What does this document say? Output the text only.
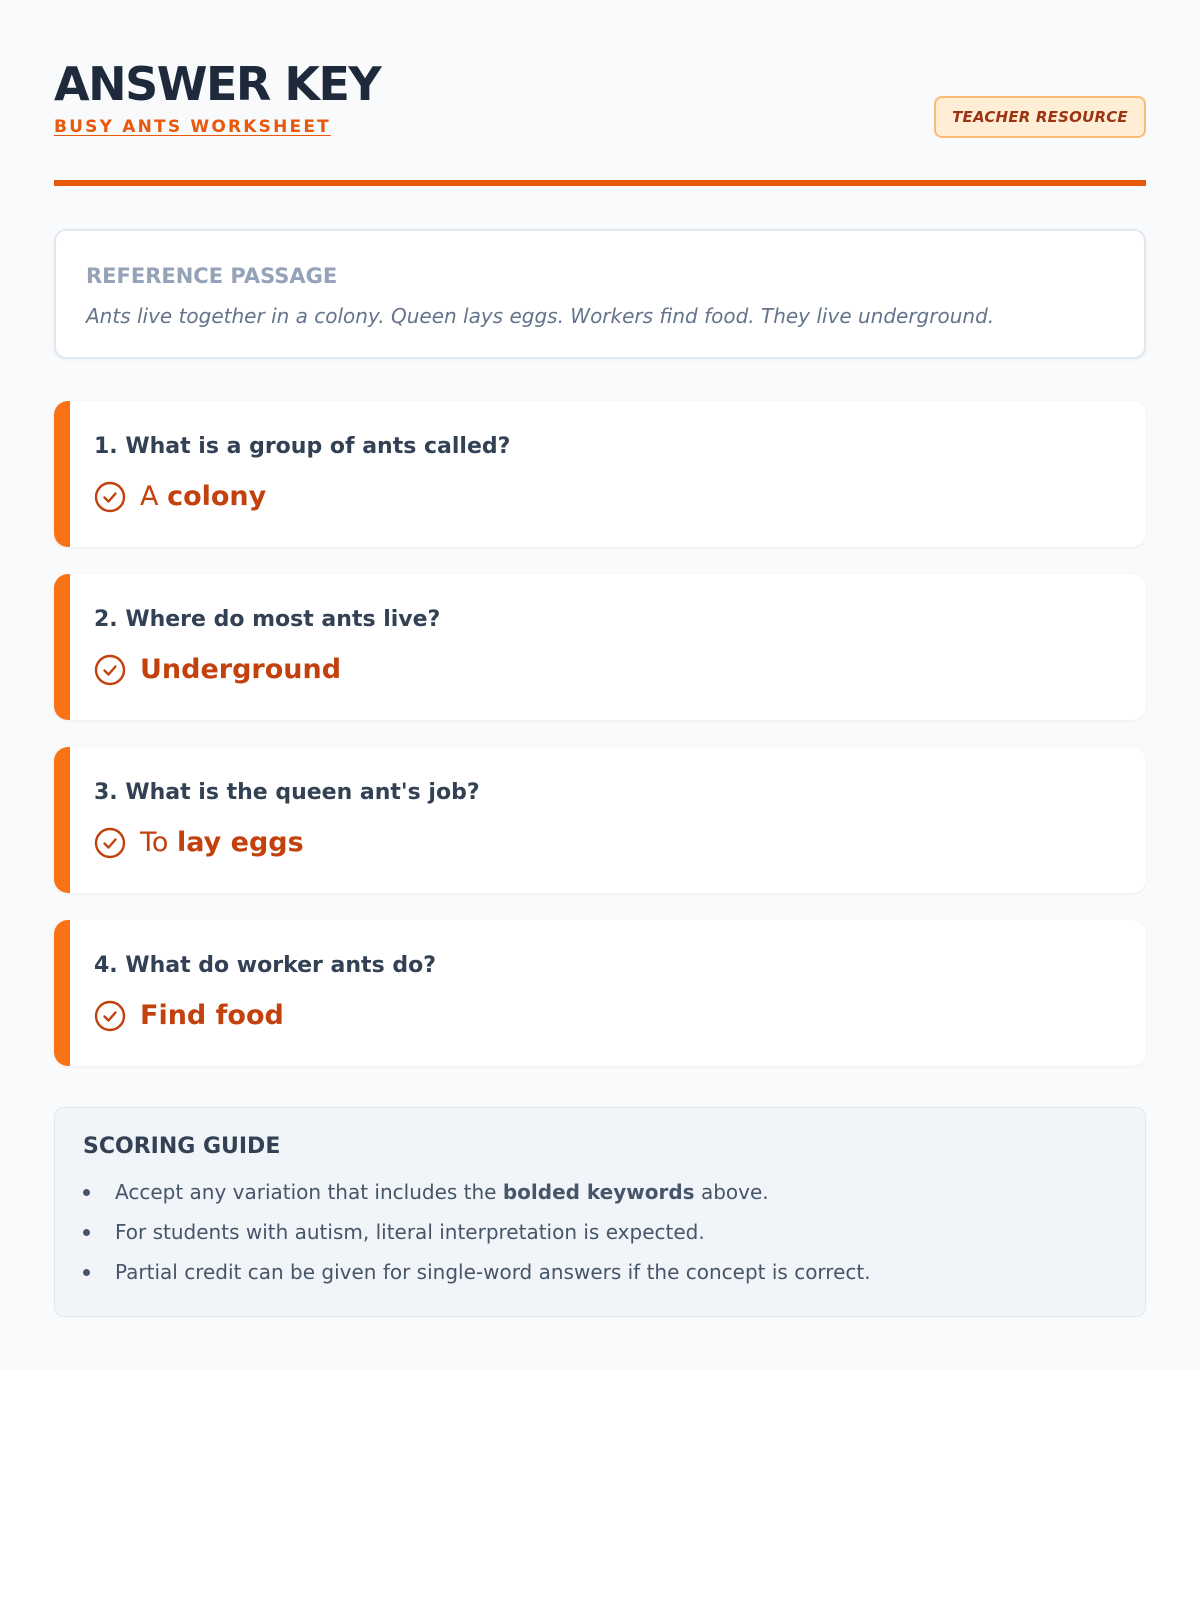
ANSWER KEY
BUSY ANTS WORKSHEET	TEACHER RESOURCE
REFERENCE PASSAGE

Ants live together in a colony. Queen lays eggs. Workers find food. They live underground.

1. What is a group of ants called?
A colony
2. Where do most ants live?
Underground
3. What is the queen ant's job?
To lay eggs
4. What do worker ants do?
Find food
SCORING GUIDE
Accept any variation that includes the bolded keywords above.
For students with autism, literal interpretation is expected.
Partial credit can be given for single-word answers if the concept is correct.
